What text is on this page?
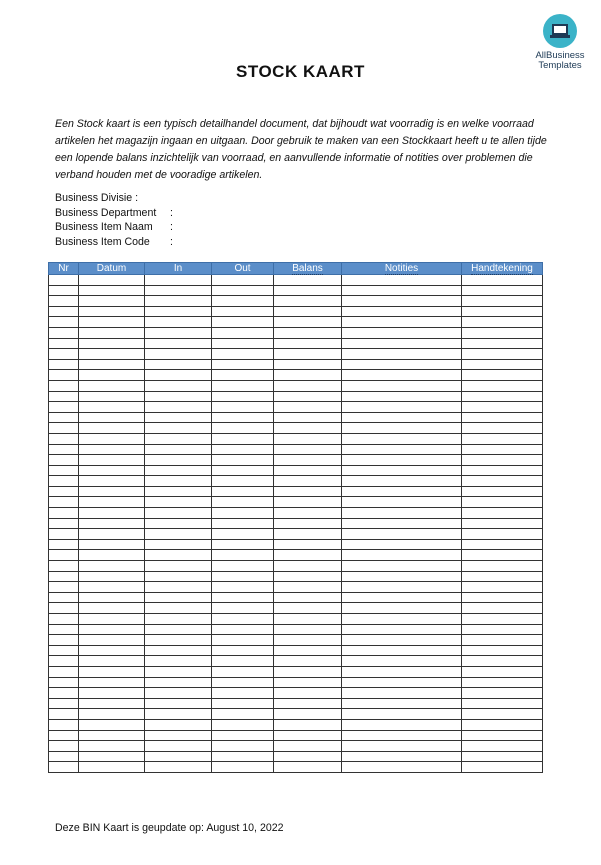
AllBusiness
Templates
STOCK KAART

Een Stock kaart is een typisch detailhandel document, dat bijhoudt wat voorradig is en welke voorraad artikelen het magazijn ingaan en uitgaan. Door gebruik te maken van een Stockkaart heeft u te allen tijde een lopende balans inzichtelijk van voorraad, en aanvullende informatie of notities over problemen die verband houden met de vooradige artikelen.

Business Divisie :
Business Department	:
Business Item Naam	:
Business Item Code	:
Nr	Datum	In	Out	Balans	Notities	Handtekening

Deze BIN Kaart is geupdate op: August 10, 2022
